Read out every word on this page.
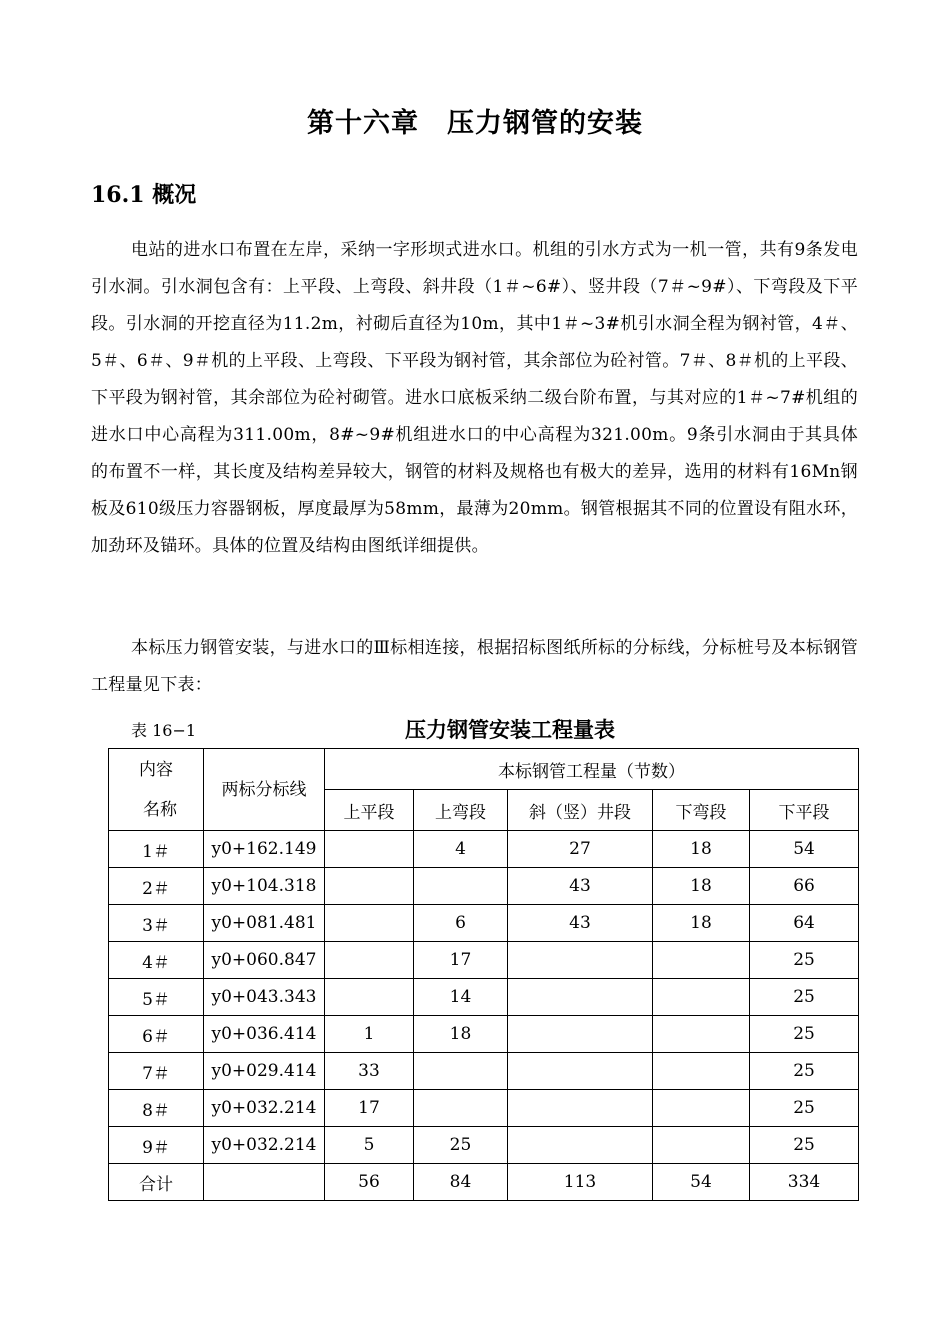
第十六章　压力钢管的安装
16.1 概况

电站的进水口布置在左岸，采纳一字形坝式进水口。机组的引水方式为一机一管，共有9条发电引水洞。引水洞包含有：上平段、上弯段、斜井段（1＃~6#）、竖井段（7＃~9#）、下弯段及下平段。引水洞的开挖直径为11.2m，衬砌后直径为10m，其中1＃~3#机引水洞全程为钢衬管，4＃、5＃、6＃、9＃机的上平段、上弯段、下平段为钢衬管，其余部位为砼衬管。7＃、8＃机的上平段、下平段为钢衬管，其余部位为砼衬砌管。进水口底板采纳二级台阶布置，与其对应的1＃~7#机组的进水口中心高程为311.00m，8#~9#机组进水口的中心高程为321.00m。9条引水洞由于其具体的布置不一样，其长度及结构差异较大，钢管的材料及规格也有极大的差异，选用的材料有16Mn钢板及610级压力容器钢板，厚度最厚为58mm，最薄为20mm。钢管根据其不同的位置设有阻水环，加劲环及锚环。具体的位置及结构由图纸详细提供。

本标压力钢管安装，与进水口的Ⅲ标相连接，根据招标图纸所标的分标线，分标桩号及本标钢管工程量见下表：

表 16−1	压力钢管安装工程量表
内容
名称	两标分标线	本标钢管工程量（节数）				
		上平段	上弯段	斜（竖）井段	下弯段	下平段
1＃	y0+162.149		4	27	18	54
2＃	y0+104.318			43	18	66
3＃	y0+081.481		6	43	18	64
4＃	y0+060.847		17			25
5＃	y0+043.343		14			25
6＃	y0+036.414	1	18			25
7＃	y0+029.414	33				25
8＃	y0+032.214	17				25
9＃	y0+032.214	5	25			25
合计		56	84	113	54	334
